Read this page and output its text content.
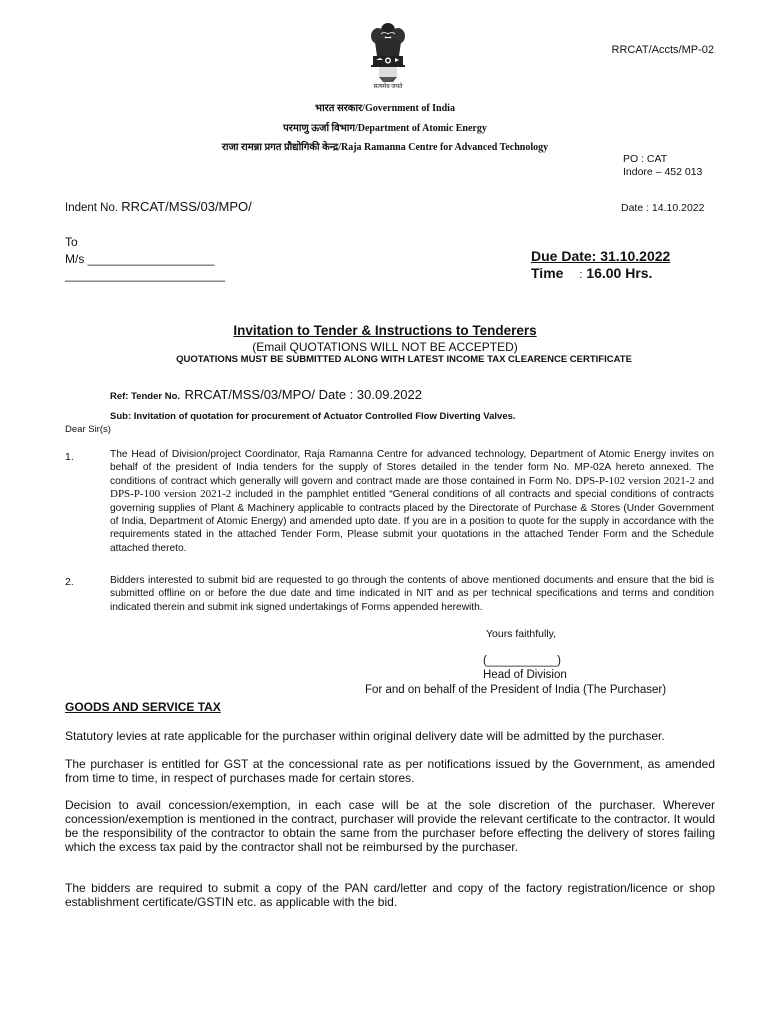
सत्यमेव जयते
RRCAT/Accts/MP-02
भारत सरकार/Government of India
परमाणु ऊर्जा विभाग/Department of Atomic Energy
राजा रामन्ना प्रगत प्रौद्योगिकी केन्द्र/Raja Ramanna Centre for Advanced Technology
PO : CAT
Indore – 452 013
Indent No. RRCAT/MSS/03/MPO/	Date : 14.10.2022
To
M/s ___________________
________________________
Due Date: 31.10.2022
Time : 16.00 Hrs.
Invitation to Tender & Instructions to Tenderers
(Email QUOTATIONS WILL NOT BE ACCEPTED)
QUOTATIONS MUST BE SUBMITTED ALONG WITH LATEST INCOME TAX CLEARENCE CERTIFICATE
Ref: Tender No. RRCAT/MSS/03/MPO/ Date : 30.09.2022
Sub: Invitation of quotation for procurement of Actuator Controlled Flow Diverting Valves.
Dear Sir(s)
1.	The Head of Division/project Coordinator, Raja Ramanna Centre for advanced technology, Department of Atomic Energy invites on behalf of the president of India tenders for the supply of Stores detailed in the tender form No. MP-02A hereto annexed. The conditions of contract which generally will govern and contract made are those contained in Form No. DPS-P-102 version 2021-2 and DPS-P-100 version 2021-2 included in the pamphlet entitled “General conditions of all contracts and special conditions of contracts governing supplies of Plant & Machinery applicable to contracts placed by the Directorate of Purchase & Stores (Under Government of India, Department of Atomic Energy) and amended upto date. If you are in a position to quote for the supply in accordance with the requirements stated in the attached Tender Form, Please submit your quotations in the attached Tender Form and the Schedule attached thereto.
2.	Bidders interested to submit bid are requested to go through the contents of above mentioned documents and ensure that the bid is submitted offline on or before the due date and time indicated in NIT and as per technical specifications and terms and condition indicated therein and submit ink signed undertakings of Forms appended herewith.
Yours faithfully,
(___________)
Head of Division
For and on behalf of the President of India (The Purchaser)
GOODS AND SERVICE TAX
Statutory levies at rate applicable for the purchaser within original delivery date will be admitted by the purchaser.
The purchaser is entitled for GST at the concessional rate as per notifications issued by the Government, as amended from time to time, in respect of purchases made for certain stores.
Decision to avail concession/exemption, in each case will be at the sole discretion of the purchaser. Wherever concession/exemption is mentioned in the contract, purchaser will provide the relevant certificate to the contractor. It would be the responsibility of the contractor to obtain the same from the purchaser before effecting the delivery of stores failing which the excess tax paid by the contractor shall not be reimbursed by the purchaser.
The bidders are required to submit a copy of the PAN card/letter and copy of the factory registration/licence or shop establishment certificate/GSTIN etc. as applicable with the bid.
